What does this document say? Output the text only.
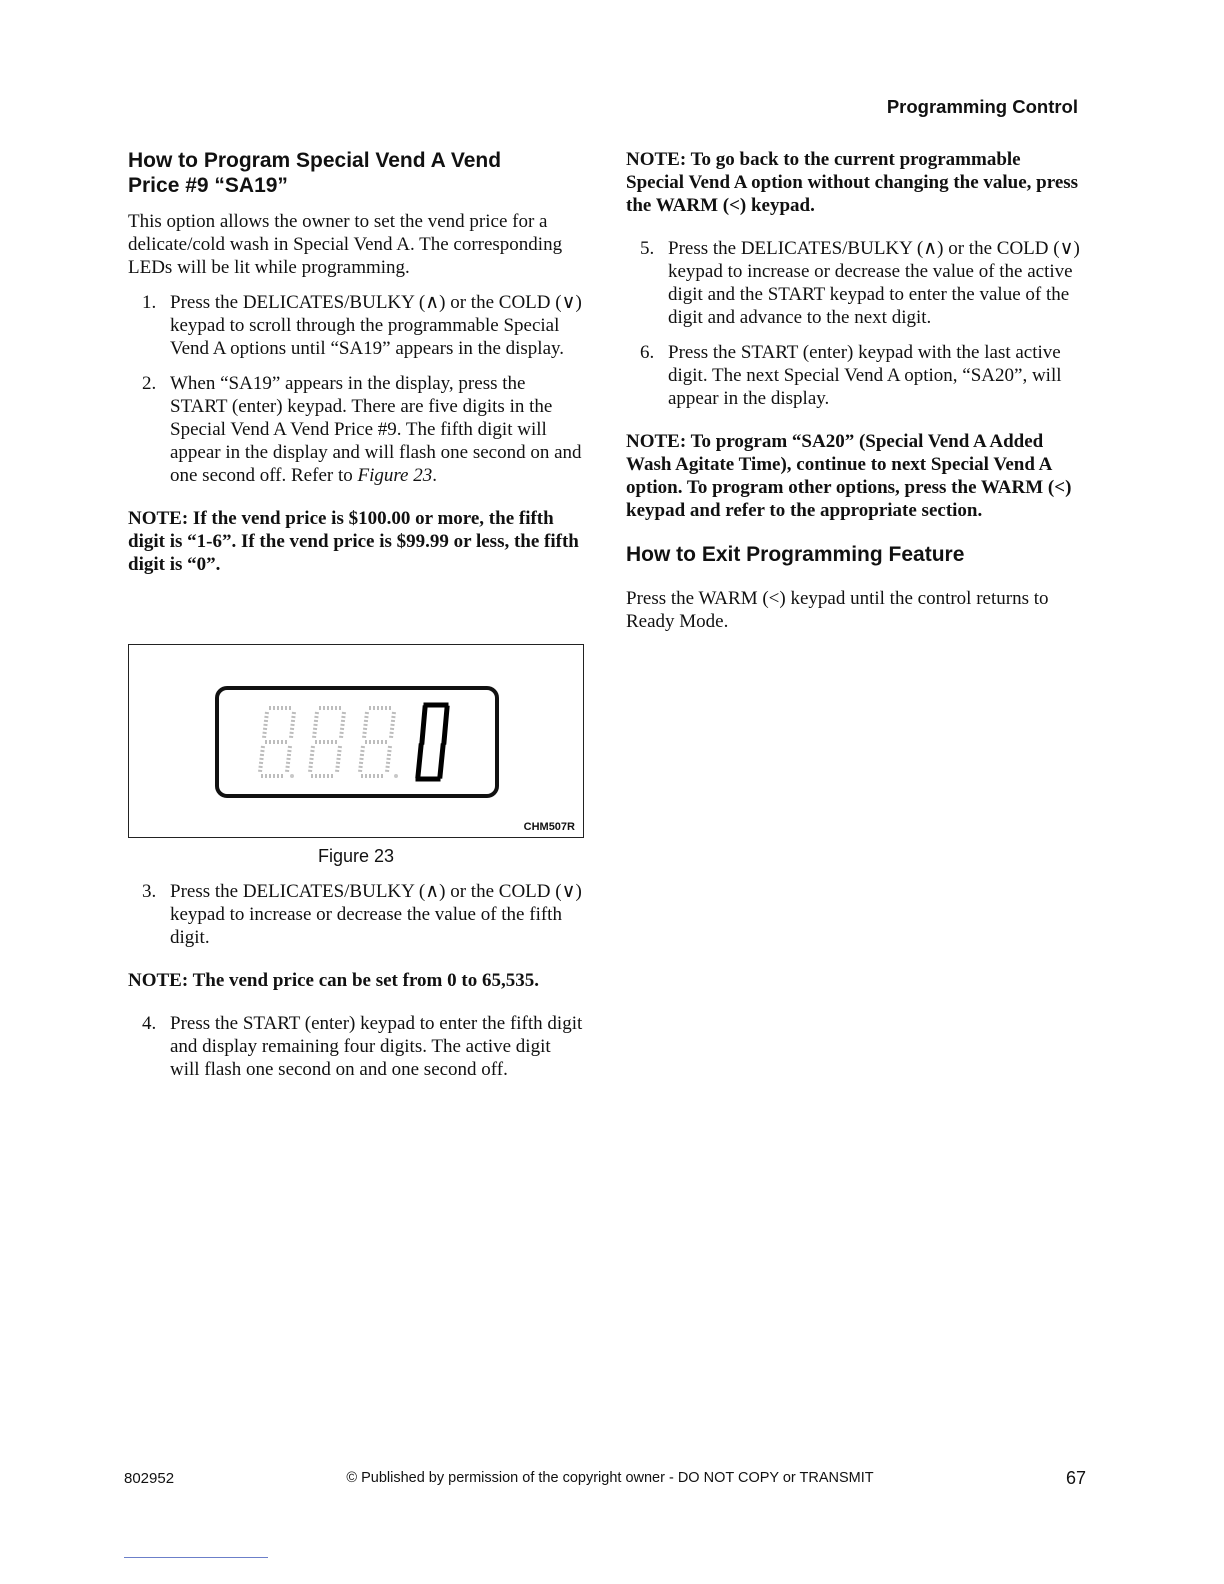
Programming Control
How to Program Special Vend A Vend
Price #9 “SA19”

This option allows the owner to set the vend price for a delicate/cold wash in Special Vend A. The corresponding LEDs will be lit while programming.

1. Press the DELICATES/BULKY (∧) or the COLD (∨) keypad to scroll through the programmable Special Vend A options until “SA19” appears in the display.
2. When “SA19” appears in the display, press the START (enter) keypad. There are five digits in the Special Vend A Vend Price #9. The fifth digit will appear in the display and will flash one second on and one second off. Refer to Figure 23.

NOTE: If the vend price is $100.00 or more, the fifth digit is “1-6”. If the vend price is $99.99 or less, the fifth digit is “0”.

0
CHM507R
Figure 23
3. Press the DELICATES/BULKY (∧) or the COLD (∨) keypad to increase or decrease the value of the fifth digit.

NOTE: The vend price can be set from 0 to 65,535.

4. Press the START (enter) keypad to enter the fifth digit and display remaining four digits. The active digit will flash one second on and one second off.

NOTE: To go back to the current programmable Special Vend A option without changing the value, press the WARM (<) keypad.

5. Press the DELICATES/BULKY (∧) or the COLD (∨) keypad to increase or decrease the value of the active digit and the START keypad to enter the value of the digit and advance to the next digit.
6. Press the START (enter) keypad with the last active digit. The next Special Vend A option, “SA20”, will appear in the display.

NOTE: To program “SA20” (Special Vend A Added Wash Agitate Time), continue to next Special Vend A option. To program other options, press the WARM (<) keypad and refer to the appropriate section.

How to Exit Programming Feature

Press the WARM (<) keypad until the control returns to Ready Mode.

802952	© Published by permission of the copyright owner - DO NOT COPY or TRANSMIT	67
